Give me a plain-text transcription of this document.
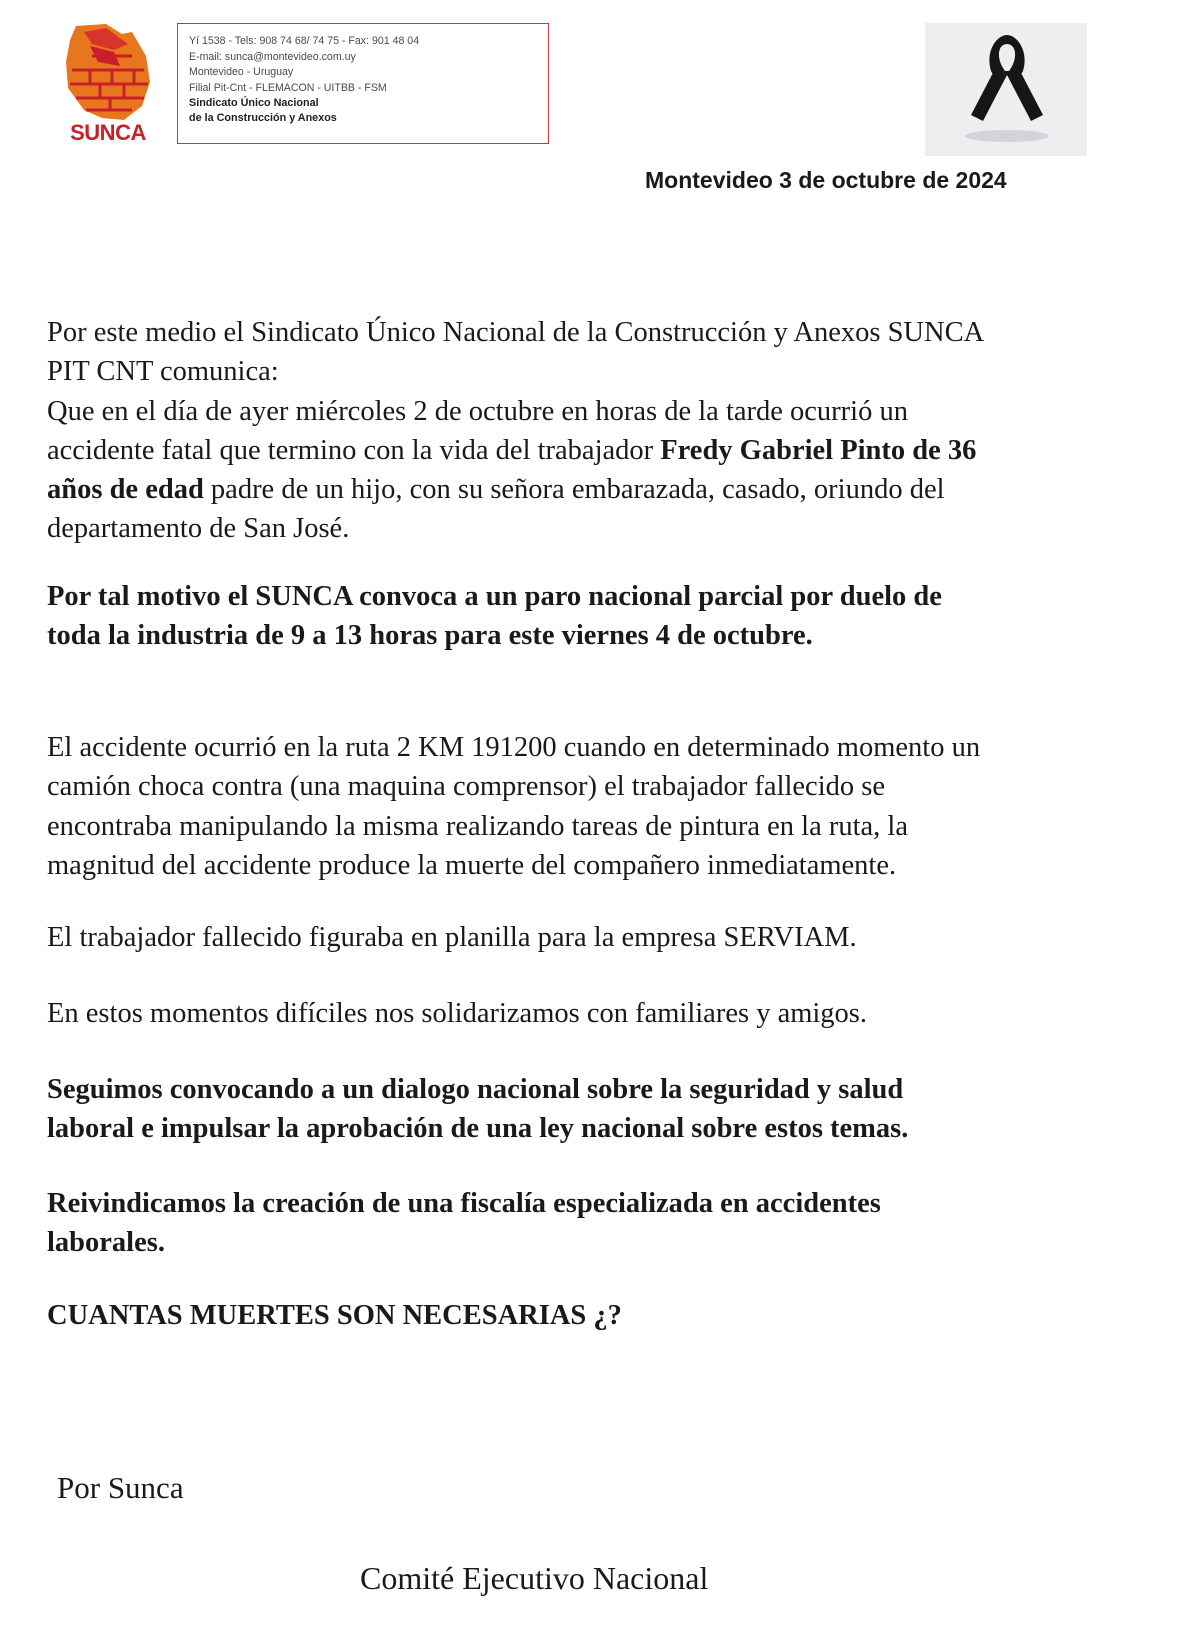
SUNCA
Yí 1538 - Tels: 908 74 68/ 74 75 - Fax: 901 48 04
E-mail: sunca@montevideo.com.uy
Montevideo - Uruguay
Filial Pit-Cnt - FLEMACON - UITBB - FSM
Sindicato Único Nacional
de la Construcción y Anexos
Montevideo 3 de octubre de 2024
Por este medio el Sindicato Único Nacional de la Construcción y Anexos SUNCA
PIT CNT comunica:
Que en el día de ayer miércoles 2 de octubre en horas de la tarde ocurrió un
accidente fatal que termino con la vida del trabajador Fredy Gabriel Pinto de 36
años de edad padre de un hijo, con su señora embarazada, casado, oriundo del
departamento de San José.
Por tal motivo el SUNCA convoca a un paro nacional parcial por duelo de
toda la industria de 9 a 13 horas para este viernes 4 de octubre.
El accidente ocurrió en la ruta 2 KM 191200 cuando en determinado momento un
camión choca contra (una maquina comprensor) el trabajador fallecido se
encontraba manipulando la misma realizando tareas de pintura en la ruta, la
magnitud del accidente produce la muerte del compañero inmediatamente.
El trabajador fallecido figuraba en planilla para la empresa SERVIAM.
En estos momentos difíciles nos solidarizamos con familiares y amigos.
Seguimos convocando a un dialogo nacional sobre la seguridad y salud
laboral e impulsar la aprobación de una ley nacional sobre estos temas.
Reivindicamos la creación de una fiscalía especializada en accidentes
laborales.
CUANTAS MUERTES SON NECESARIAS ¿?
Por Sunca
Comité Ejecutivo Nacional
